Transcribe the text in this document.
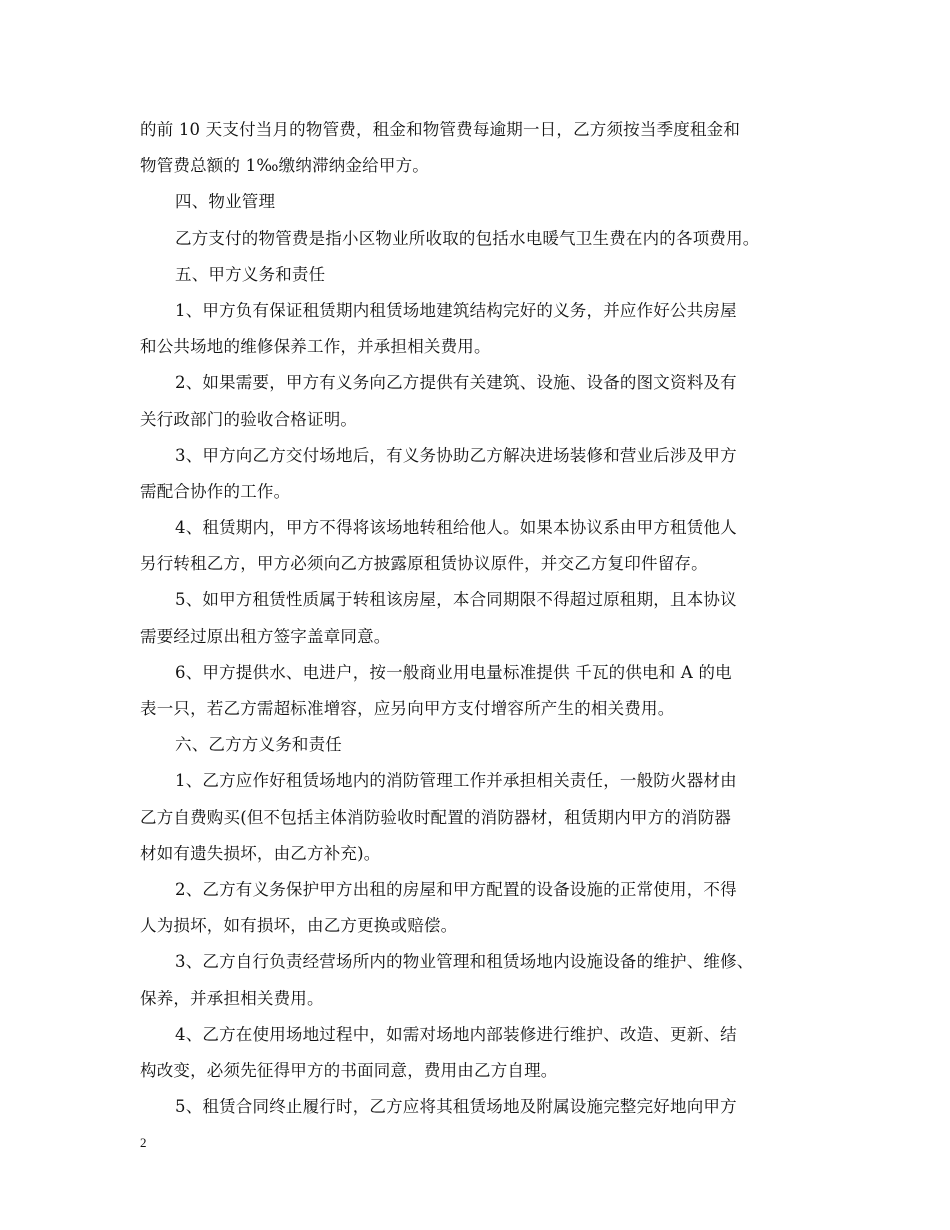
的前 10 天支付当月的物管费，租金和物管费每逾期一日，乙方须按当季度租金和
物管费总额的 1‰缴纳滞纳金给甲方。
四、物业管理
乙方支付的物管费是指小区物业所收取的包括水电暖气卫生费在内的各项费用。
五、甲方义务和责任
1、甲方负有保证租赁期内租赁场地建筑结构完好的义务，并应作好公共房屋
和公共场地的维修保养工作，并承担相关费用。
2、如果需要，甲方有义务向乙方提供有关建筑、设施、设备的图文资料及有
关行政部门的验收合格证明。
3、甲方向乙方交付场地后，有义务协助乙方解决进场装修和营业后涉及甲方
需配合协作的工作。
4、租赁期内，甲方不得将该场地转租给他人。如果本协议系由甲方租赁他人
另行转租乙方，甲方必须向乙方披露原租赁协议原件，并交乙方复印件留存。
5、如甲方租赁性质属于转租该房屋，本合同期限不得超过原租期，且本协议
需要经过原出租方签字盖章同意。
6、甲方提供水、电进户，按一般商业用电量标准提供 千瓦的供电和 A 的电
表一只，若乙方需超标准增容，应另向甲方支付增容所产生的相关费用。
六、乙方方义务和责任
1、乙方应作好租赁场地内的消防管理工作并承担相关责任，一般防火器材由
乙方自费购买(但不包括主体消防验收时配置的消防器材，租赁期内甲方的消防器
材如有遗失损坏，由乙方补充)。
2、乙方有义务保护甲方出租的房屋和甲方配置的设备设施的正常使用，不得
人为损坏，如有损坏，由乙方更换或赔偿。
3、乙方自行负责经营场所内的物业管理和租赁场地内设施设备的维护、维修、
保养，并承担相关费用。
4、乙方在使用场地过程中，如需对场地内部装修进行维护、改造、更新、结
构改变，必须先征得甲方的书面同意，费用由乙方自理。
5、租赁合同终止履行时，乙方应将其租赁场地及附属设施完整完好地向甲方
2
